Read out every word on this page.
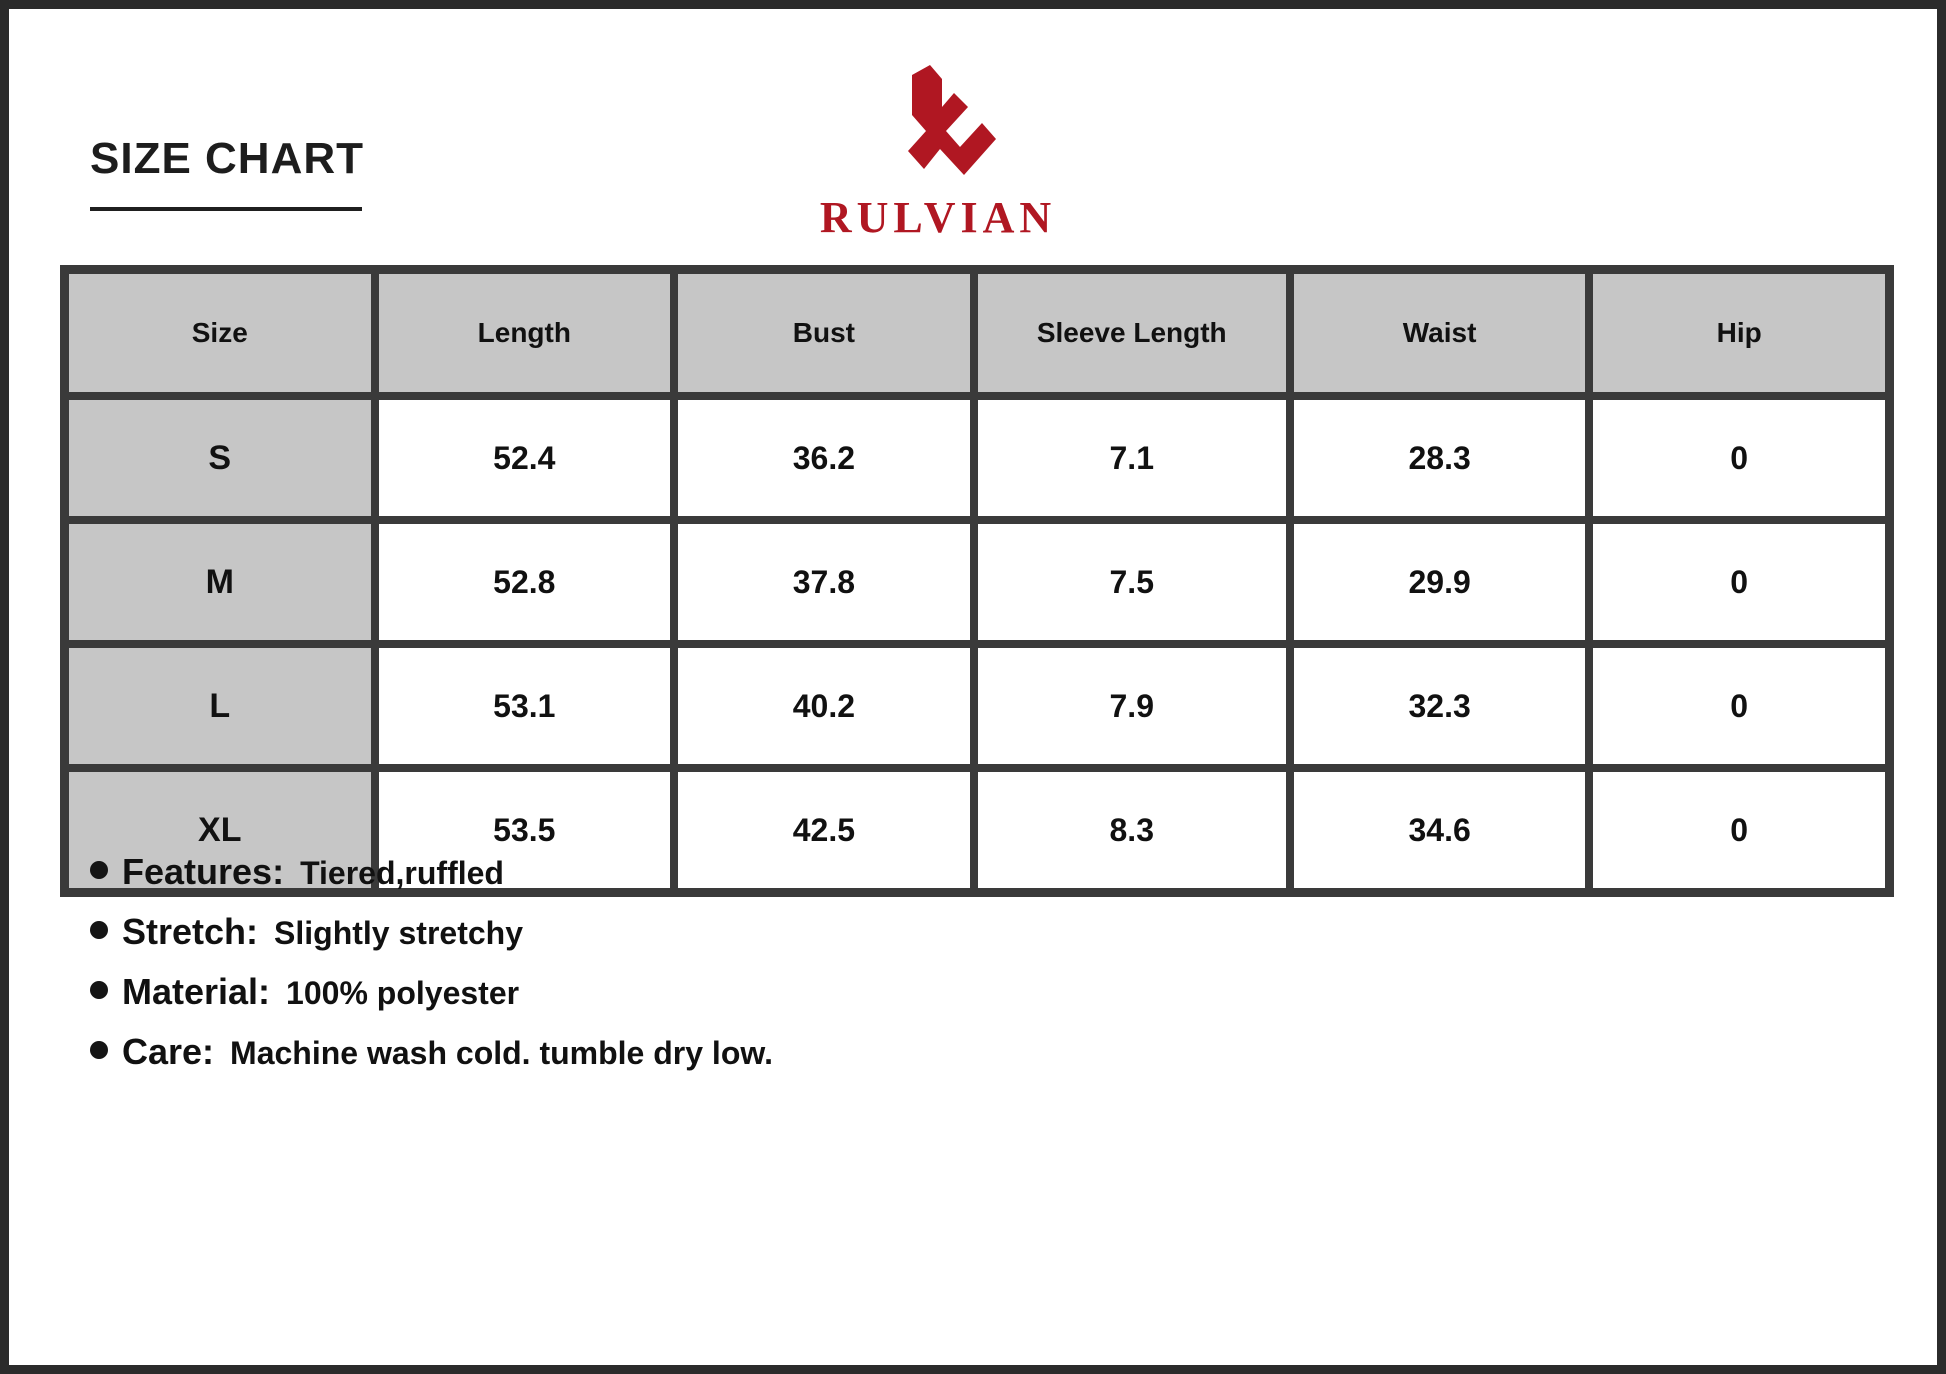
SIZE CHART
RULVIAN
Size	Length	Bust	Sleeve Length	Waist	Hip
S	52.4	36.2	7.1	28.3	0
M	52.8	37.8	7.5	29.9	0
L	53.1	40.2	7.9	32.3	0
XL	53.5	42.5	8.3	34.6	0
Features: Tiered,ruffled
Stretch: Slightly stretchy
Material: 100% polyester
Care: Machine wash cold. tumble dry low.
